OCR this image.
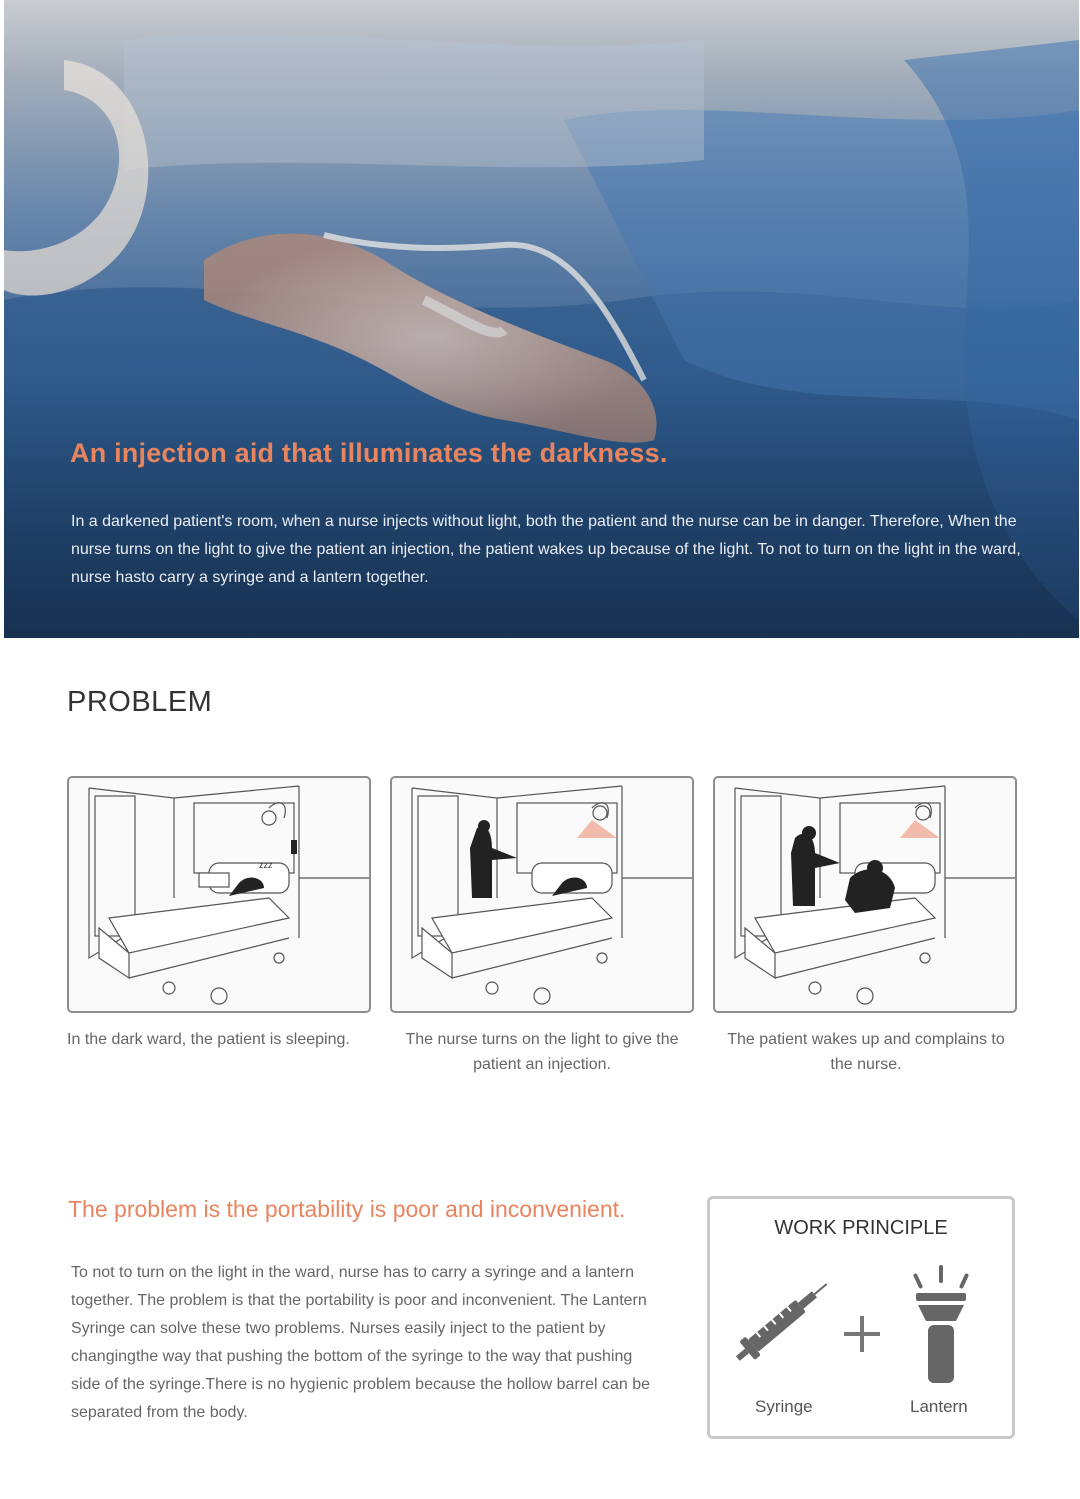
An injection aid that illuminates the darkness.

In a darkened patient's room, when a nurse injects without light, both the patient and the nurse can be in danger. Therefore, When the nurse turns on the light to give the patient an injection, the patient wakes up because of the light. To not to turn on the light in the ward, nurse hasto carry a syringe and a lantern together.

PROBLEM
zzz

In the dark ward, the patient is sleeping.	The nurse turns on the light to give the patient an injection.

The patient wakes up and complains to the nurse.

The problem is the portability is poor and inconvenient.

To not to turn on the light in the ward, nurse has to carry a syringe and a lantern together. The problem is that the portability is poor and inconvenient. The Lantern Syringe can solve these two problems. Nurses easily inject to the patient by changingthe way that pushing the bottom of the syringe to the way that pushing side of the syringe.There is no hygienic problem because the hollow barrel can be separated from the body.

WORK PRINCIPLE
Syringe	Lantern
